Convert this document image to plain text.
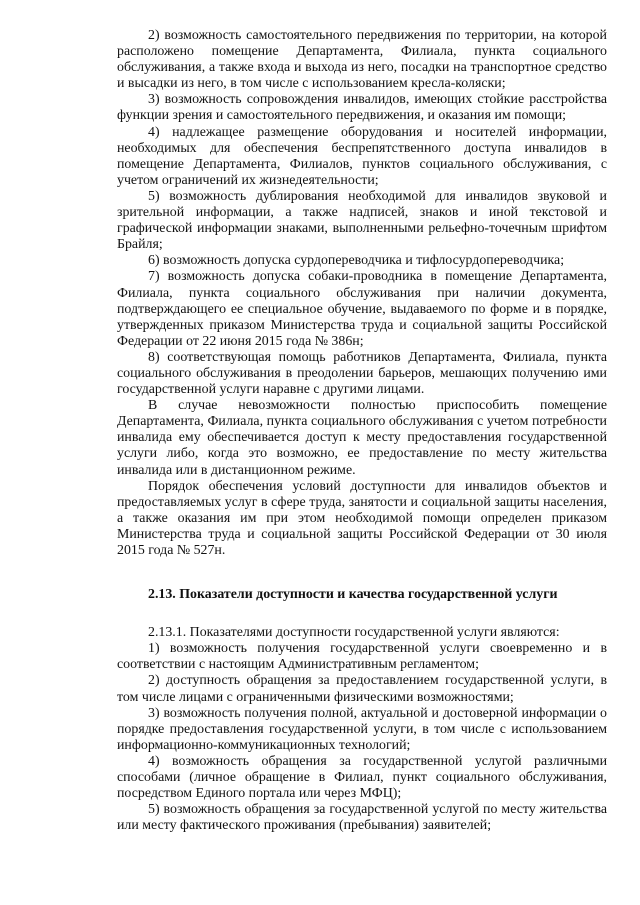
2) возможность самостоятельного передвижения по территории, на которой расположено помещение Департамента, Филиала, пункта социального обслуживания, а также входа и выхода из него, посадки на транспортное средство и высадки из него, в том числе с использованием кресла-коляски;

3) возможность сопровождения инвалидов, имеющих стойкие расстройства функции зрения и самостоятельного передвижения, и оказания им помощи;

4) надлежащее размещение оборудования и носителей информации, необходимых для обеспечения беспрепятственного доступа инвалидов в помещение Департамента, Филиалов, пунктов социального обслуживания, с учетом ограничений их жизнедеятельности;

5) возможность дублирования необходимой для инвалидов звуковой и зрительной информации, а также надписей, знаков и иной текстовой и графической информации знаками, выполненными рельефно-точечным шрифтом Брайля;

6) возможность допуска сурдопереводчика и тифлосурдопереводчика;

7) возможность допуска собаки-проводника в помещение Департамента, Филиала, пункта социального обслуживания при наличии документа, подтверждающего ее специальное обучение, выдаваемого по форме и в порядке, утвержденных приказом Министерства труда и социальной защиты Российской Федерации от 22 июня 2015 года № 386н;

8) соответствующая помощь работников Департамента, Филиала, пункта социального обслуживания в преодолении барьеров, мешающих получению ими государственной услуги наравне с другими лицами.

В случае невозможности полностью приспособить помещение Департамента, Филиала, пункта социального обслуживания с учетом потребности инвалида ему обеспечивается доступ к месту предоставления государственной услуги либо, когда это возможно, ее предоставление по месту жительства инвалида или в дистанционном режиме.

Порядок обеспечения условий доступности для инвалидов объектов и предоставляемых услуг в сфере труда, занятости и социальной защиты населения, а также оказания им при этом необходимой помощи определен приказом Министерства труда и социальной защиты Российской Федерации от 30 июля 2015 года № 527н.

2.13. Показатели доступности и качества государственной услуги

2.13.1. Показателями доступности государственной услуги являются:

1) возможность получения государственной услуги своевременно и в соответствии с настоящим Административным регламентом;

2) доступность обращения за предоставлением государственной услуги, в том числе лицами с ограниченными физическими возможностями;

3) возможность получения полной, актуальной и достоверной информации о порядке предоставления государственной услуги, в том числе с использованием информационно-коммуникационных технологий;

4) возможность обращения за государственной услугой различными способами (личное обращение в Филиал, пункт социального обслуживания, посредством Единого портала или через МФЦ);

5) возможность обращения за государственной услугой по месту жительства или месту фактического проживания (пребывания) заявителей;
